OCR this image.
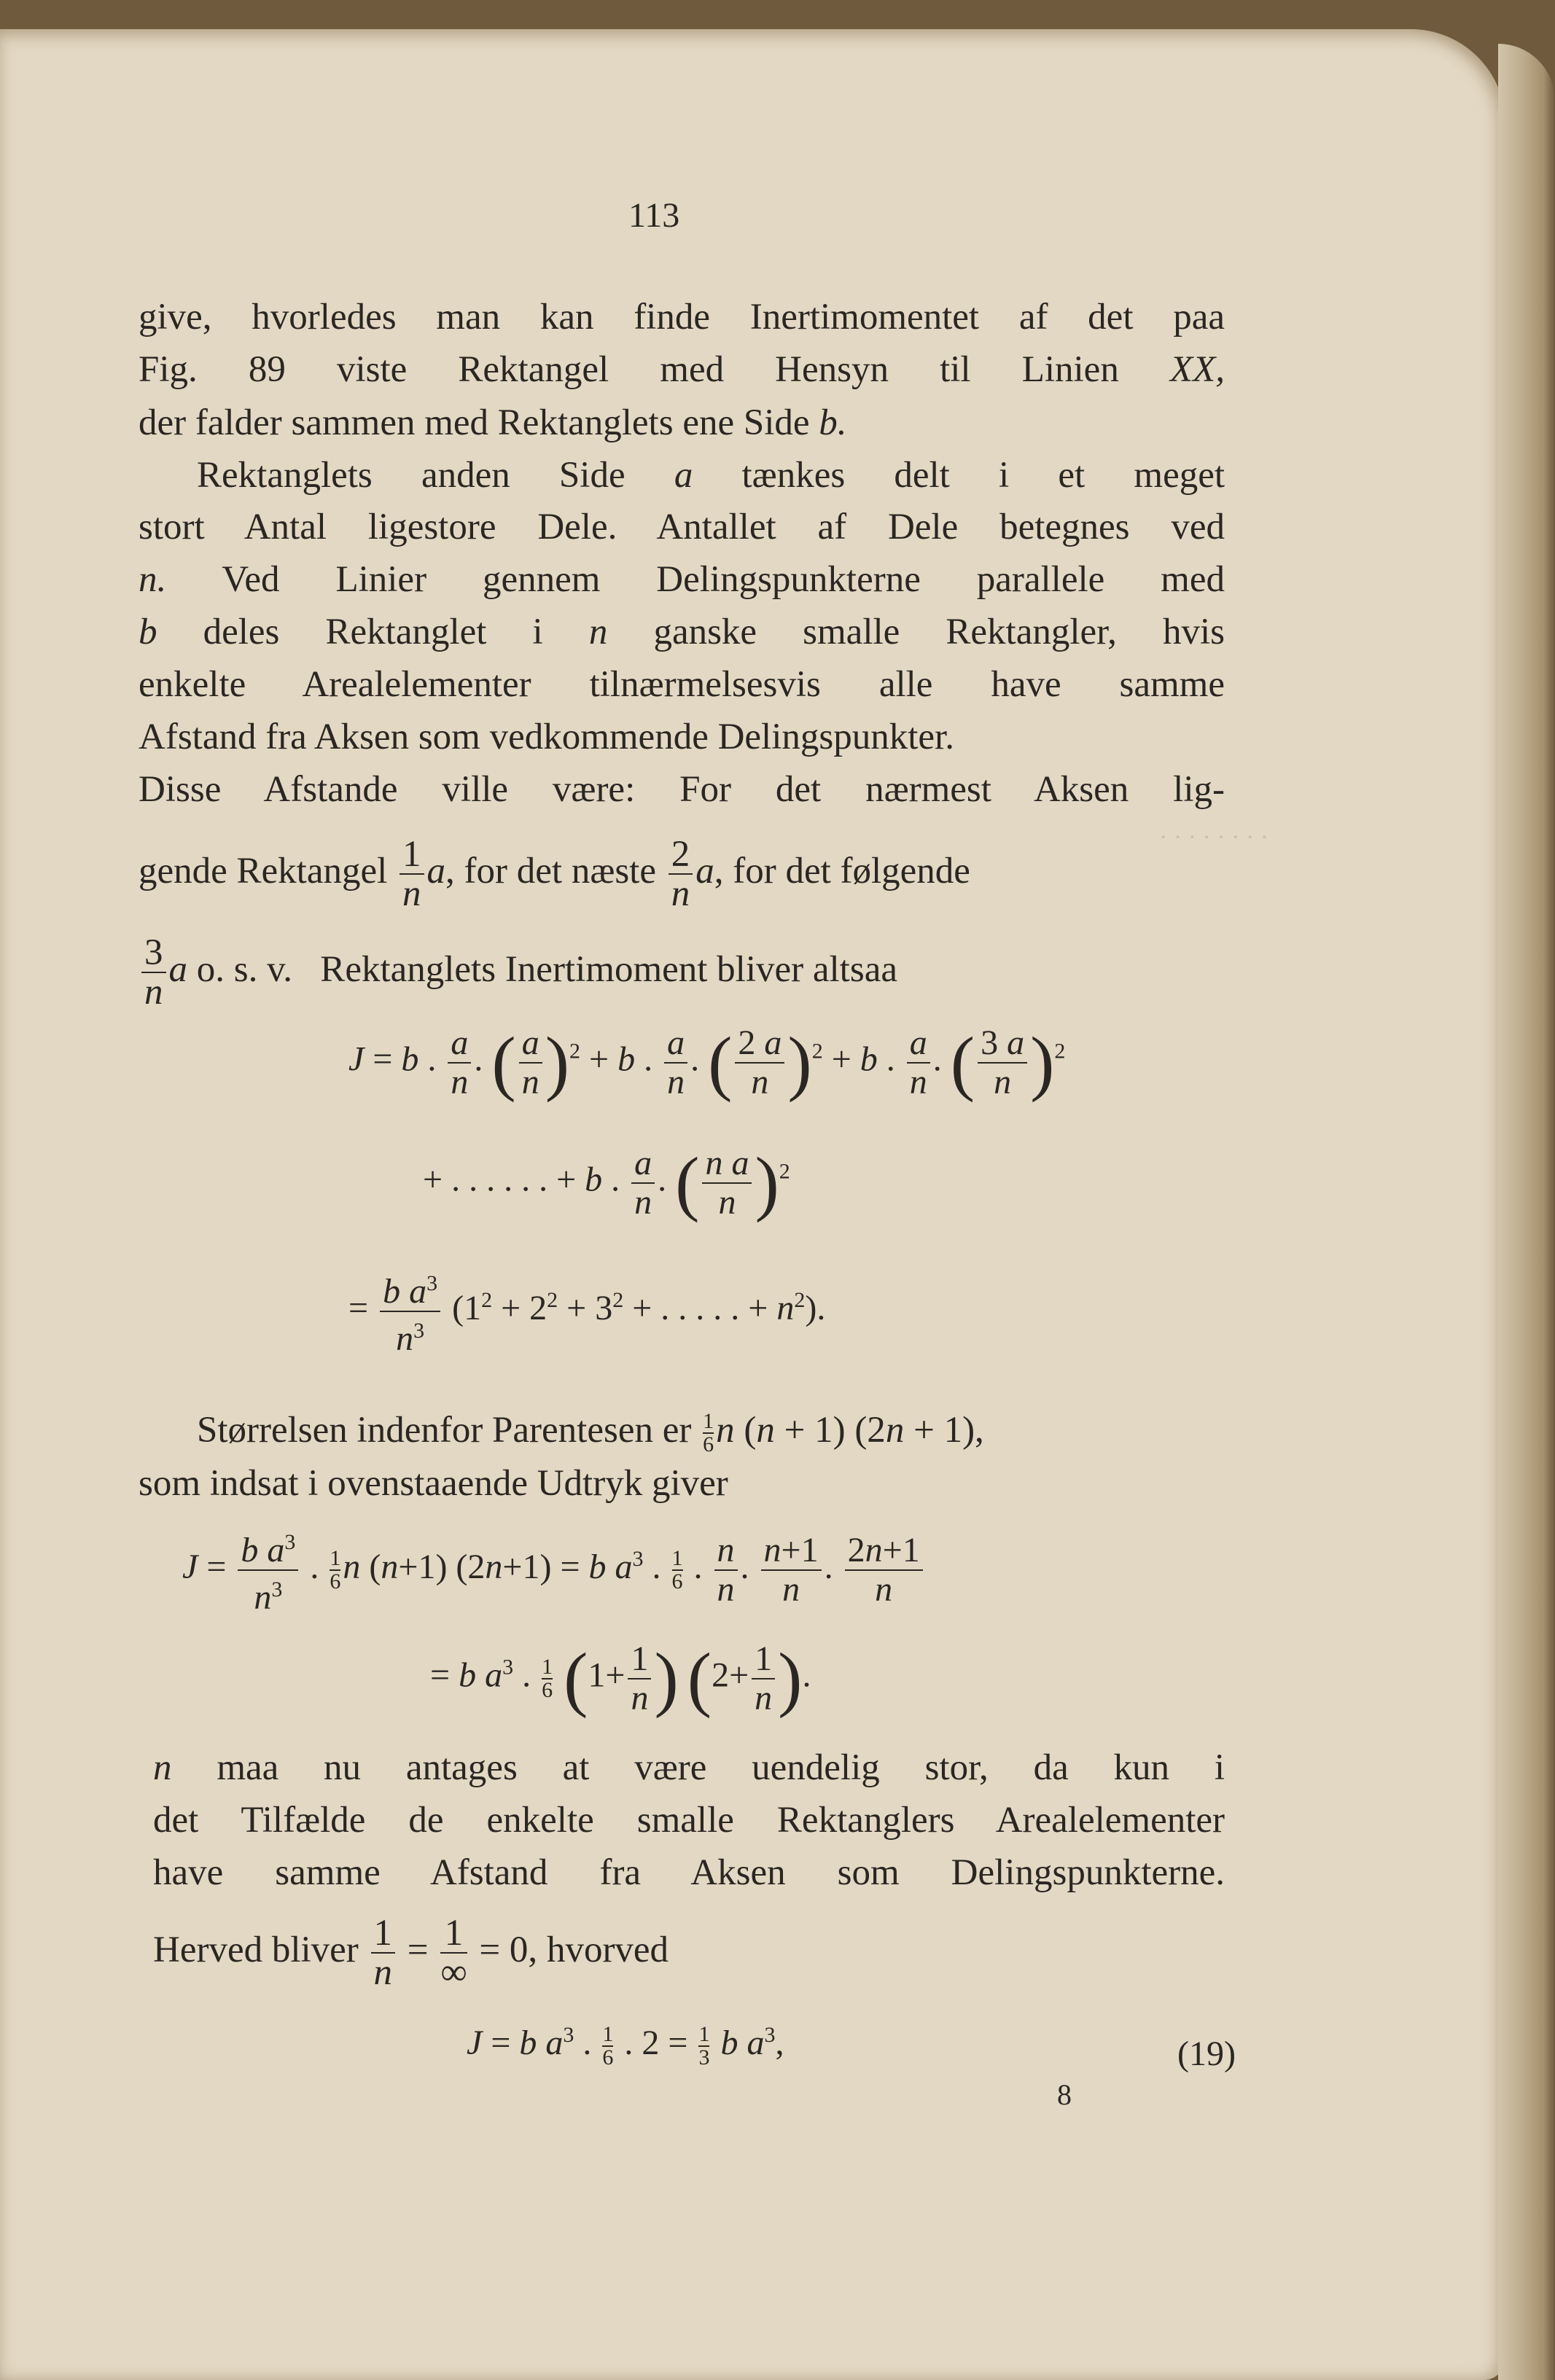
· · · · · · · ·
113
give, hvorledes man kan finde Inertimomentet af det paa
Fig. 89 viste Rektangel med Hensyn til Linien XX,
der falder sammen med Rektanglets ene Side b.
Rektanglets anden Side a tænkes delt i et meget
stort Antal ligestore Dele. Antallet af Dele betegnes ved
n. Ved Linier gennem Delingspunkterne parallele med
b deles Rektanglet i n ganske smalle Rektangler, hvis
enkelte Arealelementer tilnærmelsesvis alle have samme
Afstand fra Aksen som vedkommende Delingspunkter.
Disse Afstande ville være: For det nærmest Aksen lig-
gende Rektangel $\frac{1}{n} a$, for det næste $\frac{2}{n} a$, for det følgende
$\frac{3}{n}$ a o. s. v. Rektanglets Inertimoment bliver altsaa
J = b . $\frac{a}{n}$ . ( $\frac{a}{n} )^2 + b$ . $\frac{a}{n}$ . ( $\frac{2 a}{n} )^2 + b$ . $\frac{a}{n}$ . ( $\frac{3 a}{n} )^2$
+ . . . . . . + b . $\frac{a}{n}$ . ( $\frac{\text{n a}}{n} )^2$
= $\frac{b a^3}{n^3} (1^2 + 2^2 + 3^2$ + . . . . . + $n^2$).
Størrelsen indenfor Parentesen er $\frac{1}{6}$ n (n + 1) (2n + 1),
som indsat i ovenstaaende Udtryk giver
$J = \frac{b a^3}{n^3}$ . $\frac{1}{6}$ n (n+1) (2n+1) = b $a^3$ . $\frac{1}{6}$ . $\frac{n}{n}$ . $\frac{n+1}{n}$ . $\frac{2n+1}{n}$
= b $a^3$ . $\frac{1}{6} (1+ \frac{1}{n}$ ) ($2+ \frac{1}{n}$ ).
n maa nu antages at være uendelig stor, da kun i
det Tilfælde de enkelte smalle Rektanglers Arealelementer
have samme Afstand fra Aksen som Delingspunkterne.
Herved bliver $\frac{1}{n} = \frac{1}{\infty} = 0$, hvorved
J = b $a^3$ . $\frac{1}{6}$ . $2 = \frac{1}{3}$ b $a^3$,	(19)
8
